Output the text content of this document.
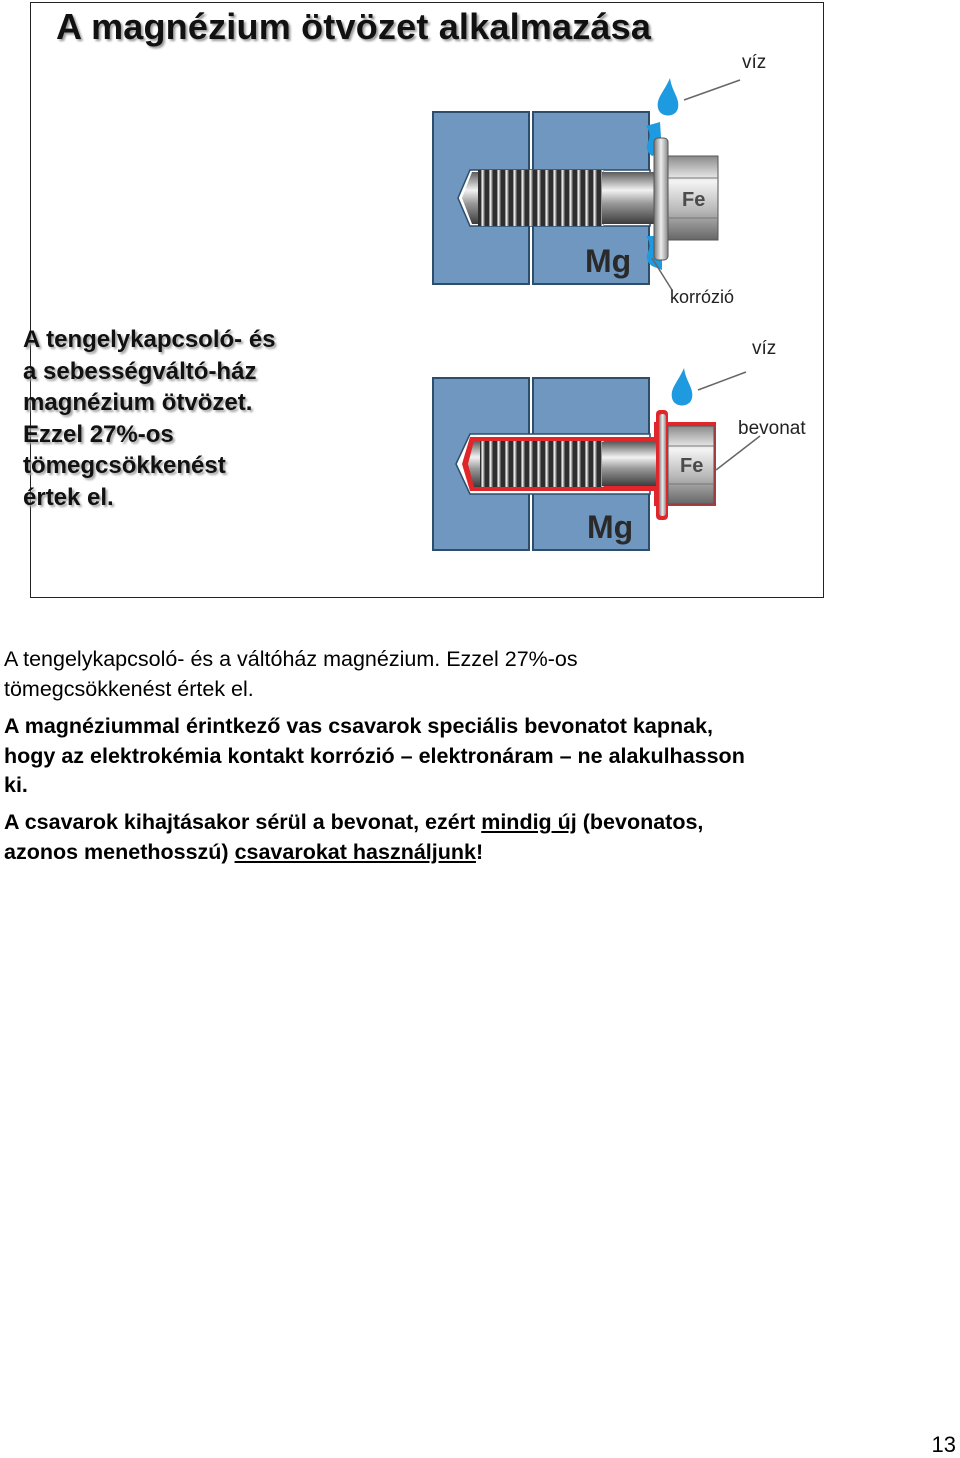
víz
Fe
Mg
korrózió
víz
bevonat
Fe
Mg
A magnézium ötvözet alkalmazása
A tengelykapcsoló- és
a sebességváltó-ház
magnézium ötvözet.
Ezzel 27%-os
tömegcsökkenést
értek el.
A tengelykapcsoló- és a váltóház magnézium. Ezzel 27%-os
tömegcsökkenést értek el.
A magnéziummal érintkező vas csavarok speciális bevonatot kapnak,
hogy az elektrokémia kontakt korrózió – elektronáram – ne alakulhasson
ki.
A csavarok kihajtásakor sérül a bevonat, ezért mindig új (bevonatos,
azonos menethosszú) csavarokat használjunk!
13
